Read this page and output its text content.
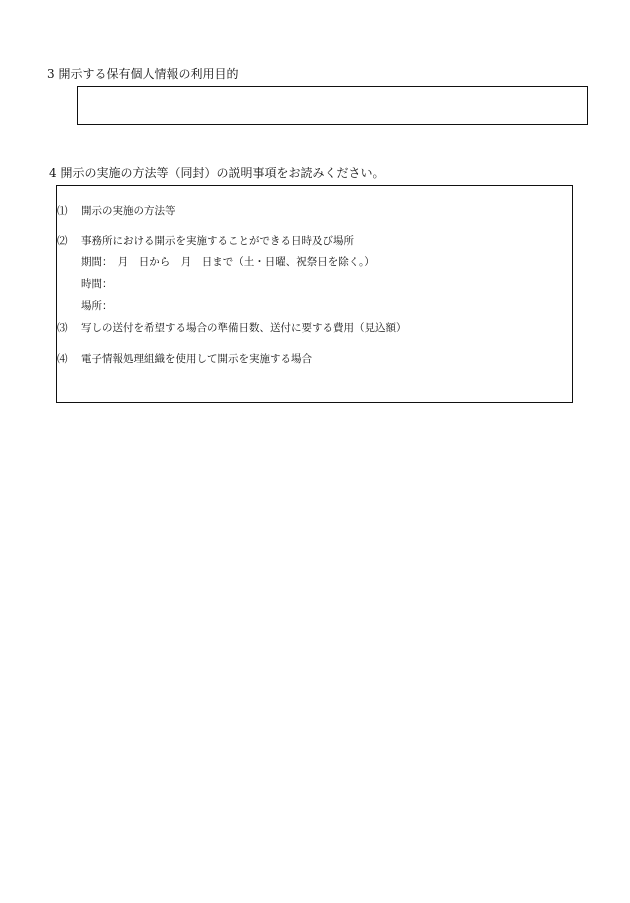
3 開示する保有個人情報の利用目的
4 開示の実施の方法等（同封）の説明事項をお読みください。
⑴ 開示の実施の方法等
⑵ 事務所における開示を実施することができる日時及び場所
期間：　月　日から　月　日まで（土・日曜、祝祭日を除く。）
時間：
場所：
⑶ 写しの送付を希望する場合の準備日数、送付に要する費用（見込額）
⑷ 電子情報処理組織を使用して開示を実施する場合
